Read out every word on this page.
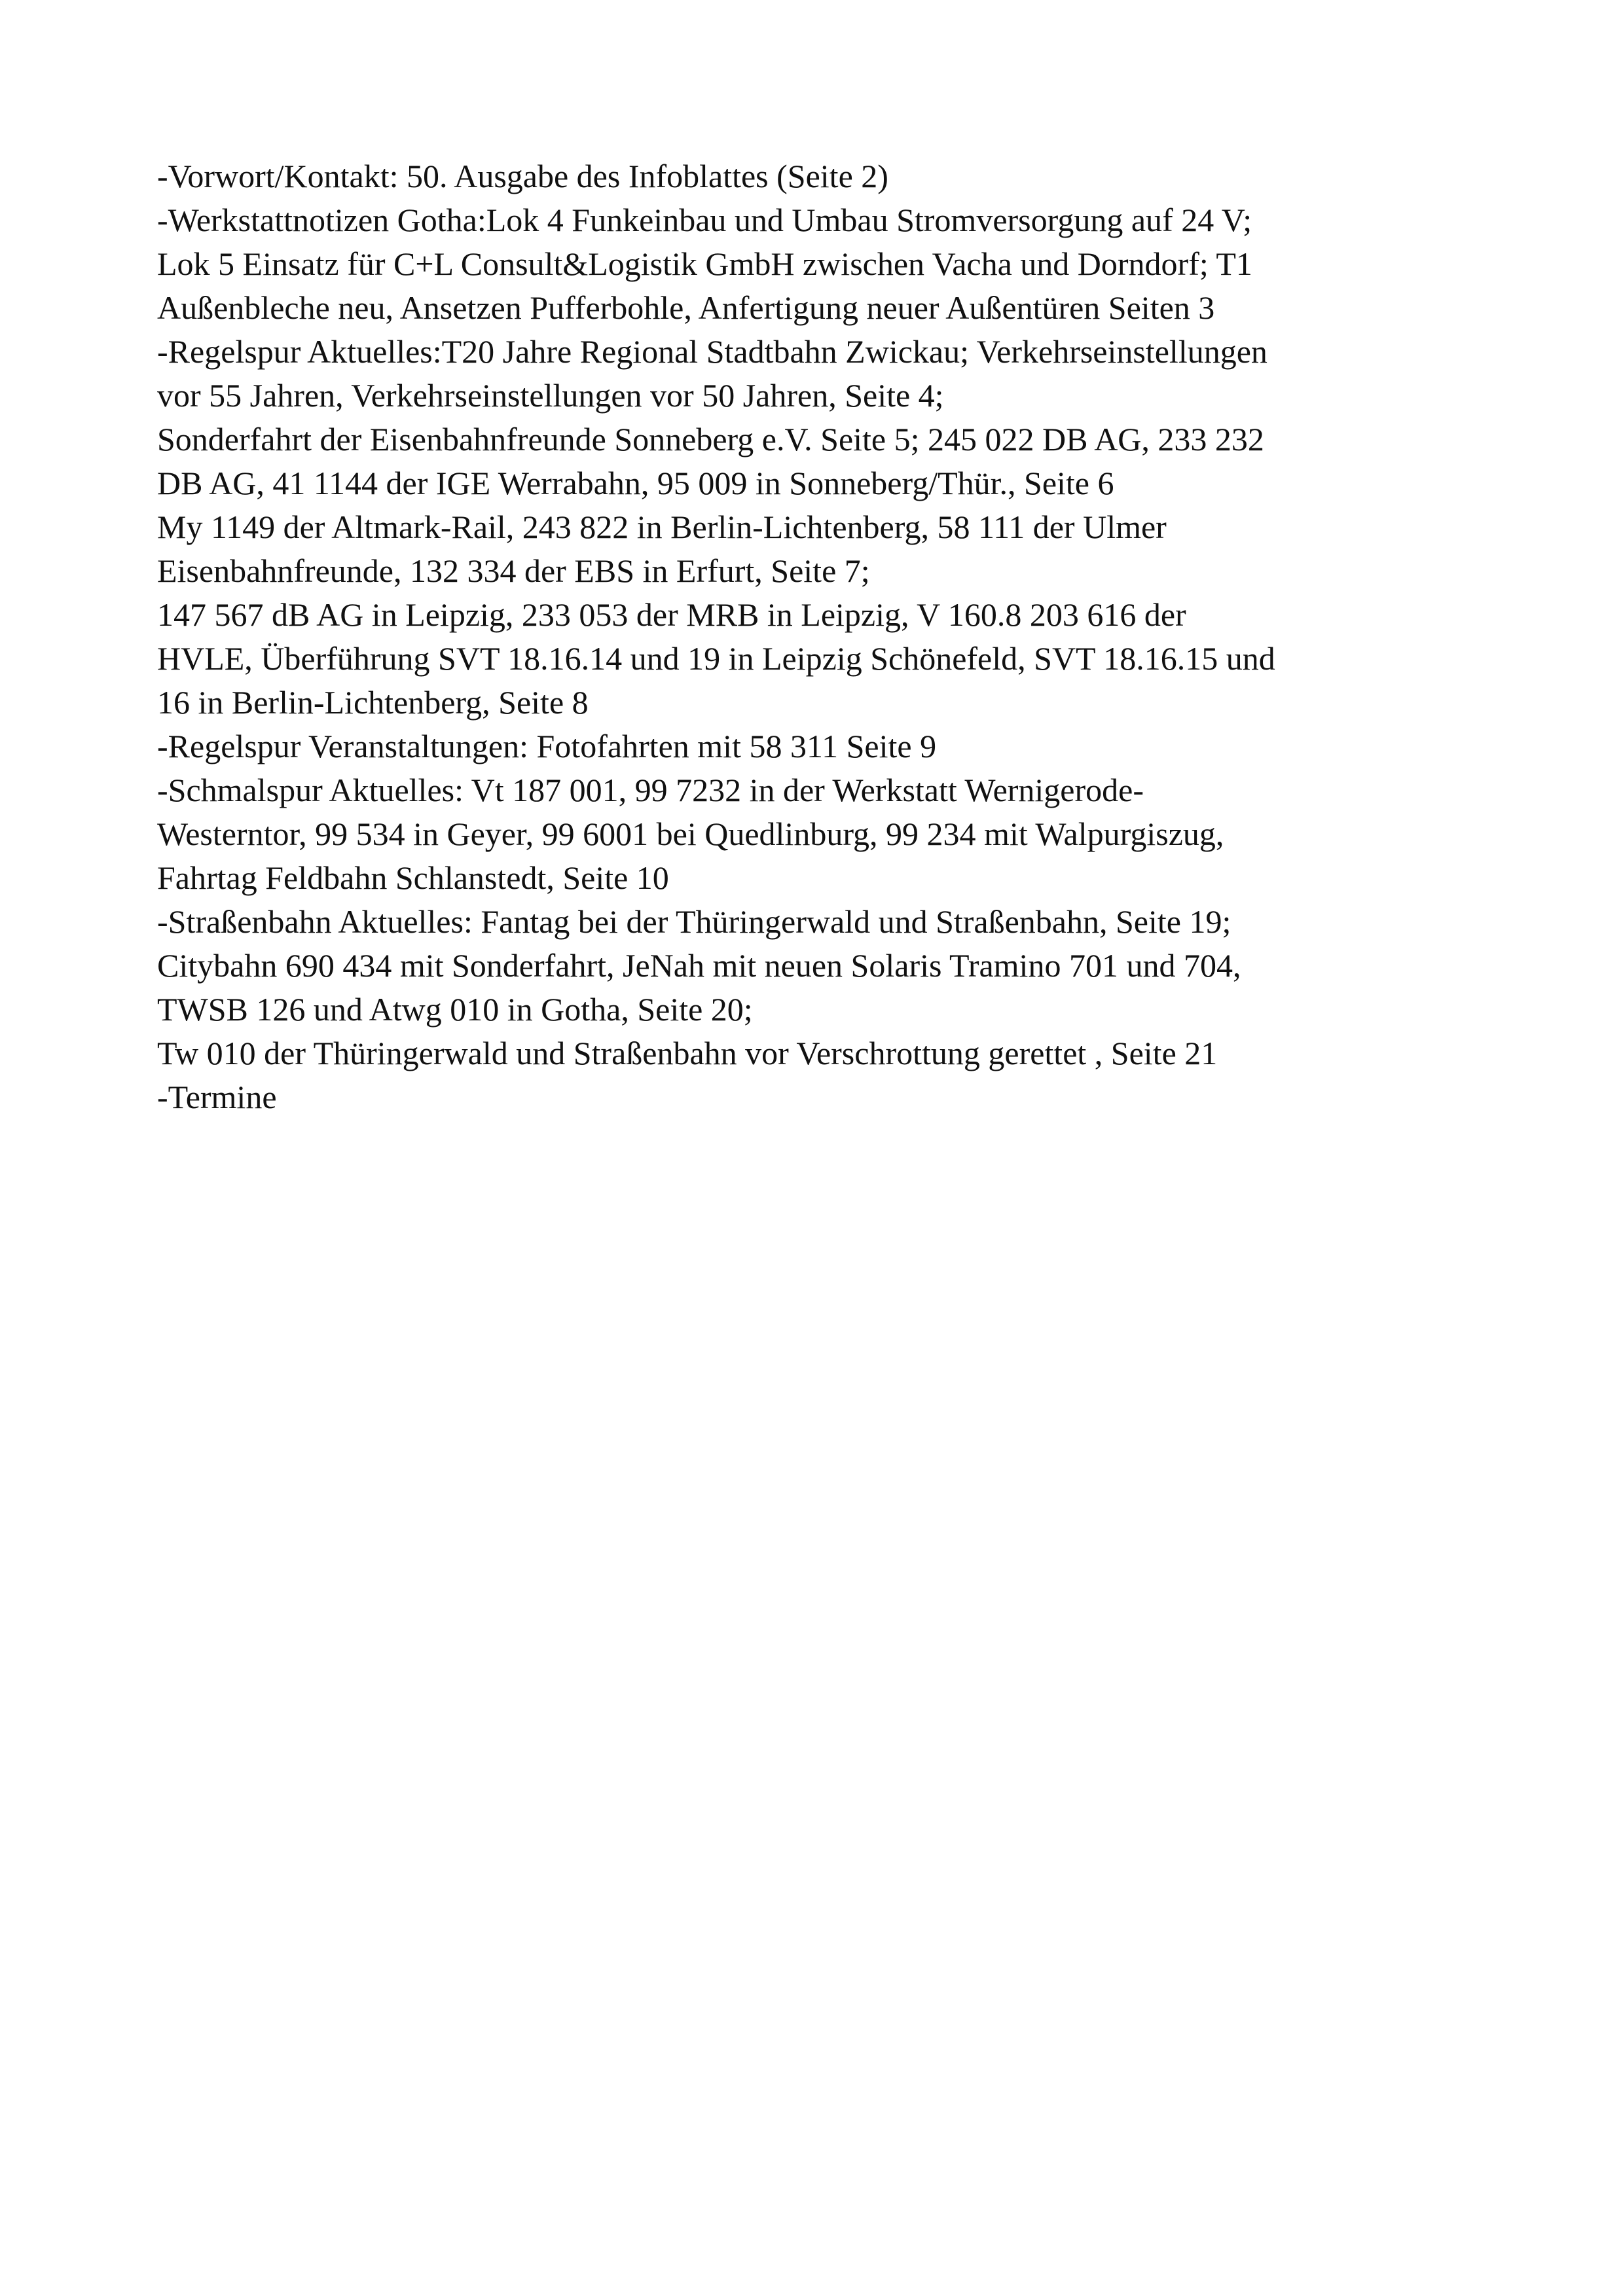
-Vorwort/Kontakt: 50. Ausgabe des Infoblattes (Seite 2)

-Werkstattnotizen Gotha:Lok 4 Funkeinbau und Umbau Stromversorgung auf 24 V;

Lok 5 Einsatz für C+L Consult&Logistik GmbH zwischen Vacha und Dorndorf; T1

Außenbleche neu, Ansetzen Pufferbohle, Anfertigung neuer Außentüren Seiten 3

-Regelspur Aktuelles:T20 Jahre Regional Stadtbahn Zwickau; Verkehrseinstellungen

vor 55 Jahren, Verkehrseinstellungen vor 50 Jahren, Seite 4;

Sonderfahrt der Eisenbahnfreunde Sonneberg e.V. Seite 5; 245 022 DB AG, 233 232

DB AG, 41 1144 der IGE Werrabahn, 95 009 in Sonneberg/Thür., Seite 6

My 1149 der Altmark-Rail, 243 822 in Berlin-Lichtenberg, 58 111 der Ulmer

Eisenbahnfreunde, 132 334 der EBS in Erfurt, Seite 7;

147 567 dB AG in Leipzig, 233 053 der MRB in Leipzig, V 160.8 203 616 der

HVLE, Überführung SVT 18.16.14 und 19 in Leipzig Schönefeld, SVT 18.16.15 und

16 in Berlin-Lichtenberg, Seite 8

-Regelspur Veranstaltungen: Fotofahrten mit 58 311 Seite 9

-Schmalspur Aktuelles: Vt 187 001, 99 7232 in der Werkstatt Wernigerode-

Westerntor, 99 534 in Geyer, 99 6001 bei Quedlinburg, 99 234 mit Walpurgiszug,

Fahrtag Feldbahn Schlanstedt, Seite 10

-Straßenbahn Aktuelles: Fantag bei der Thüringerwald und Straßenbahn, Seite 19;

Citybahn 690 434 mit Sonderfahrt, JeNah mit neuen Solaris Tramino 701 und 704,

TWSB 126 und Atwg 010 in Gotha, Seite 20;

Tw 010 der Thüringerwald und Straßenbahn vor Verschrottung gerettet , Seite 21

-Termine
